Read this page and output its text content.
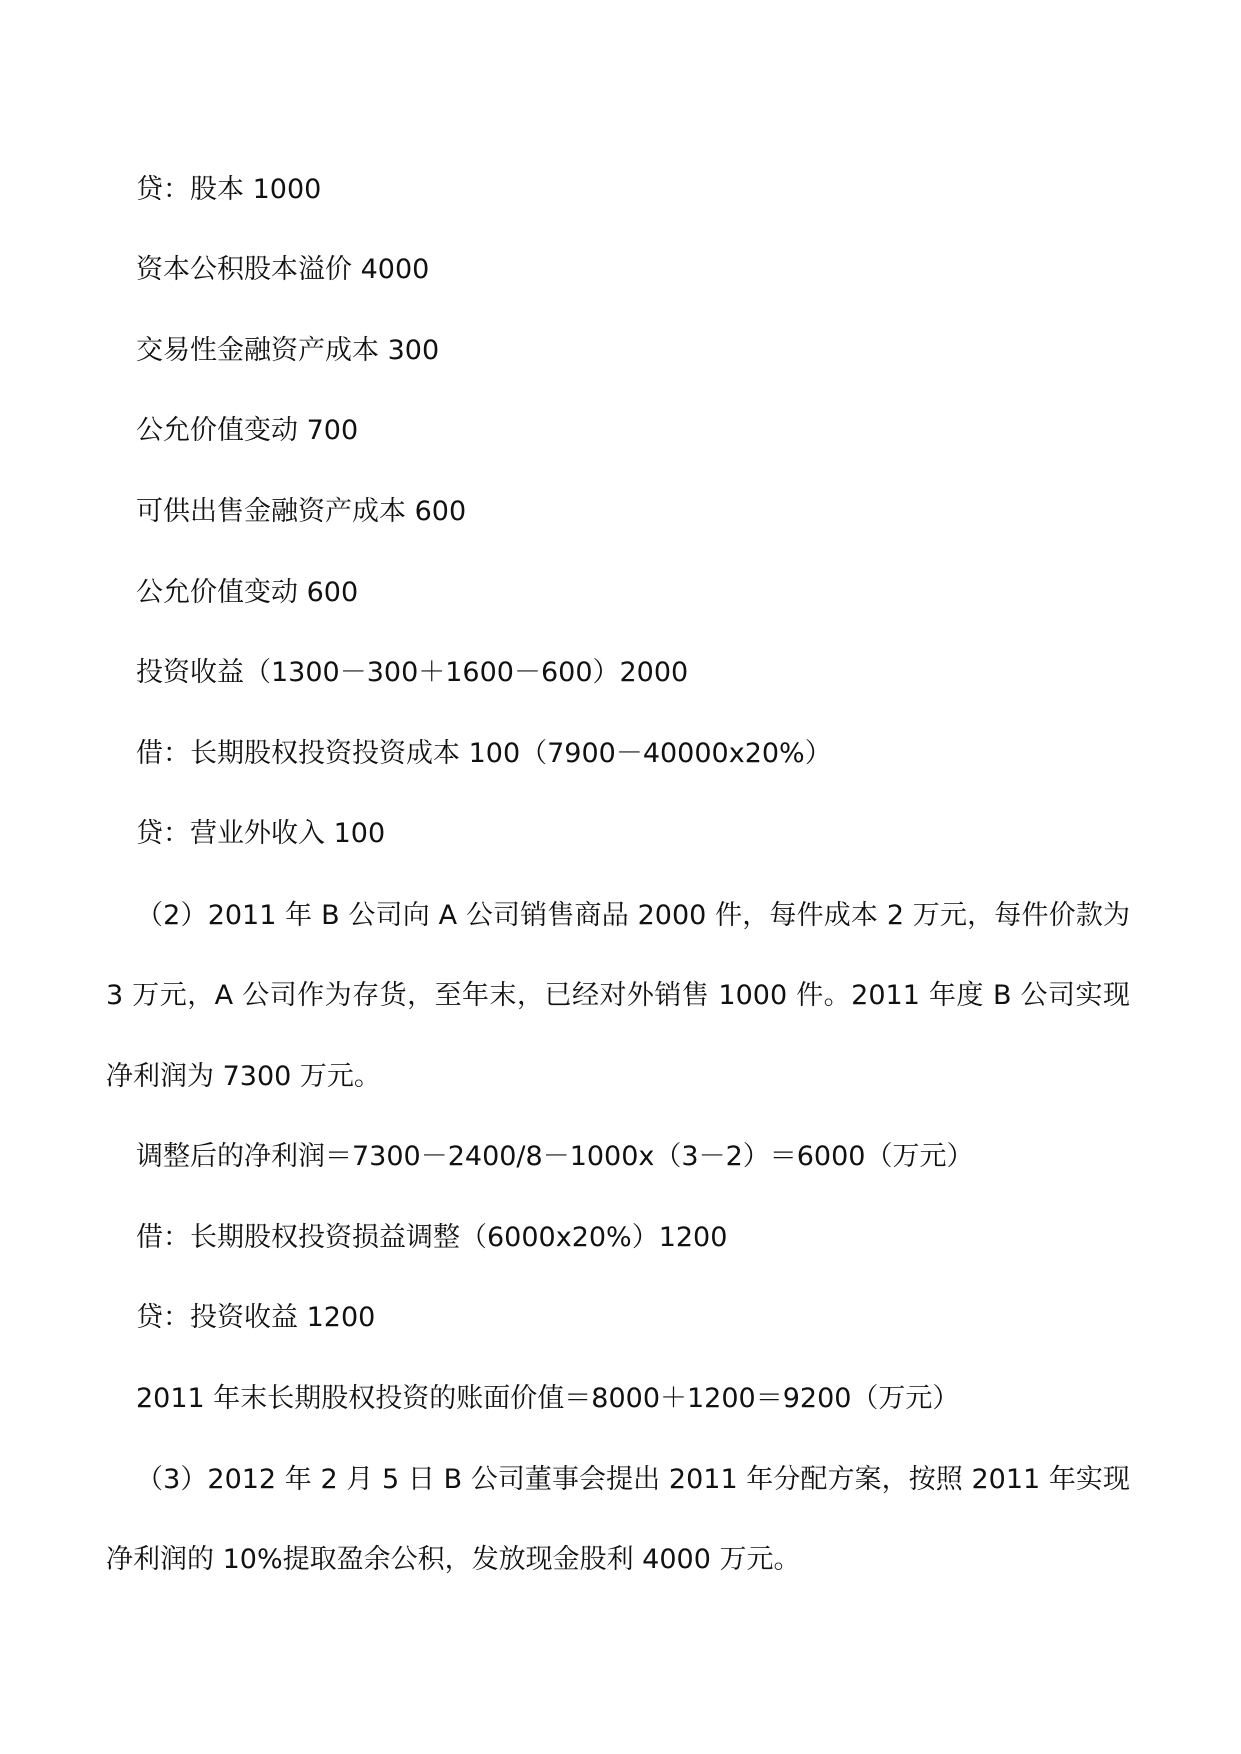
贷：股本 1000
资本公积股本溢价 4000
交易性金融资产成本 300
公允价值变动 700
可供出售金融资产成本 600
公允价值变动 600
投资收益（1300－300＋1600－600）2000
借：长期股权投资投资成本 100（7900－40000x20%）
贷：营业外收入 100
（2）2011 年 B 公司向 A 公司销售商品 2000 件，每件成本 2 万元，每件价款为
3 万元，A 公司作为存货，至年末，已经对外销售 1000 件。2011 年度 B 公司实现
净利润为 7300 万元。
调整后的净利润＝7300－2400/8－1000x（3－2）＝6000（万元）
借：长期股权投资损益调整（6000x20%）1200
贷：投资收益 1200
2011 年末长期股权投资的账面价值＝8000＋1200＝9200（万元）
（3）2012 年 2 月 5 日 B 公司董事会提出 2011 年分配方案，按照 2011 年实现
净利润的 10%提取盈余公积，发放现金股利 4000 万元。
